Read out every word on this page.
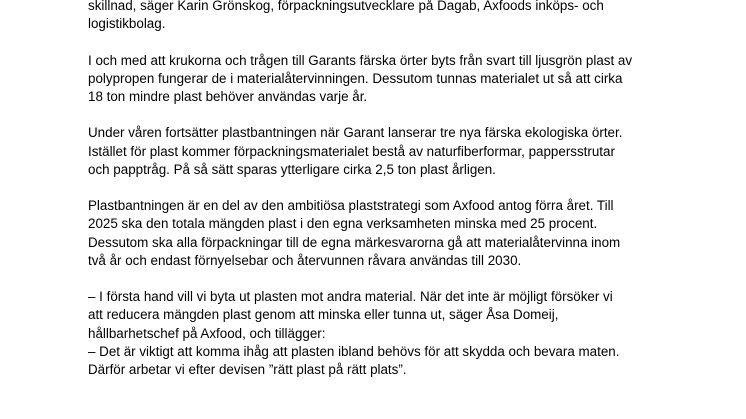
skillnad, säger Karin Grönskog, förpackningsutvecklare på Dagab, Axfoods inköps- och
logistikbolag.

I och med att krukorna och trågen till Garants färska örter byts från svart till ljusgrön plast av
polypropen fungerar de i materialåtervinningen. Dessutom tunnas materialet ut så att cirka
18 ton mindre plast behöver användas varje år.

Under våren fortsätter plastbantningen när Garant lanserar tre nya färska ekologiska örter.
Istället för plast kommer förpackningsmaterialet bestå av naturfiberformar, pappersstrutar
och papptråg. På så sätt sparas ytterligare cirka 2,5 ton plast årligen.

Plastbantningen är en del av den ambitiösa plaststrategi som Axfood antog förra året. Till
2025 ska den totala mängden plast i den egna verksamheten minska med 25 procent.
Dessutom ska alla förpackningar till de egna märkesvarorna gå att materialåtervinna inom
två år och endast förnyelsebar och återvunnen råvara användas till 2030.

– I första hand vill vi byta ut plasten mot andra material. När det inte är möjligt försöker vi
att reducera mängden plast genom att minska eller tunna ut, säger Åsa Domeij,
hållbarhetschef på Axfood, och tillägger:

– Det är viktigt att komma ihåg att plasten ibland behövs för att skydda och bevara maten.
Därför arbetar vi efter devisen ”rätt plast på rätt plats”.
